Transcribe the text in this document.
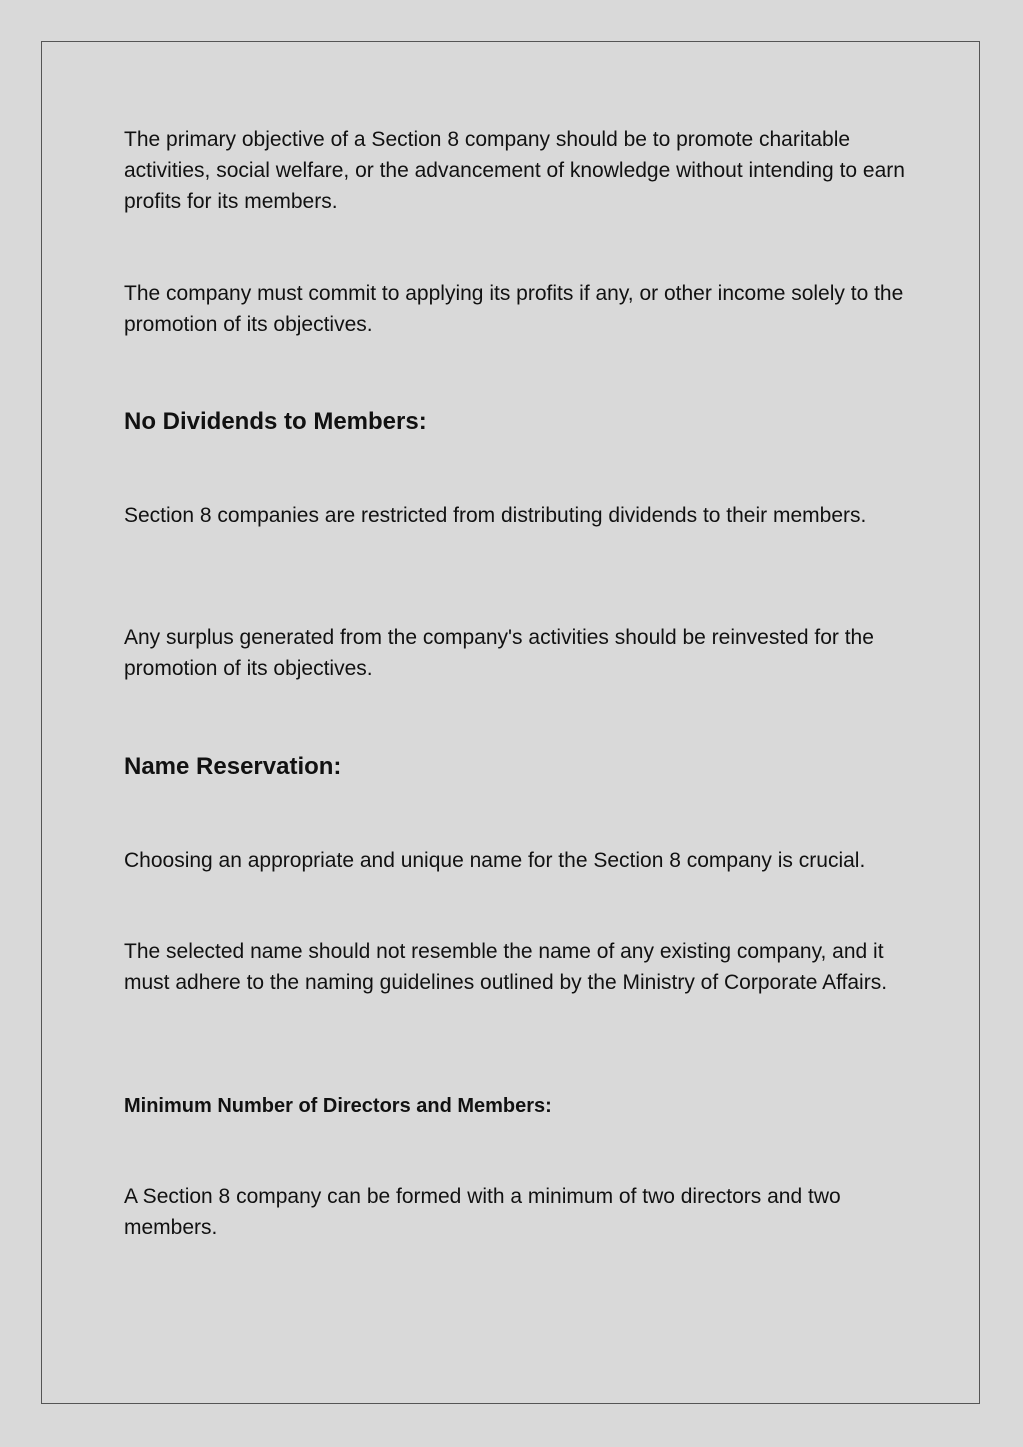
The primary objective of a Section 8 company should be to promote charitable activities, social welfare, or the advancement of knowledge without intending to earn profits for its members.

The company must commit to applying its profits if any, or other income solely to the promotion of its objectives.

No Dividends to Members:

Section 8 companies are restricted from distributing dividends to their members.

Any surplus generated from the company's activities should be reinvested for the promotion of its objectives.

Name Reservation:

Choosing an appropriate and unique name for the Section 8 company is crucial.

The selected name should not resemble the name of any existing company, and it must adhere to the naming guidelines outlined by the Ministry of Corporate Affairs.

Minimum Number of Directors and Members:

A Section 8 company can be formed with a minimum of two directors and two members.
